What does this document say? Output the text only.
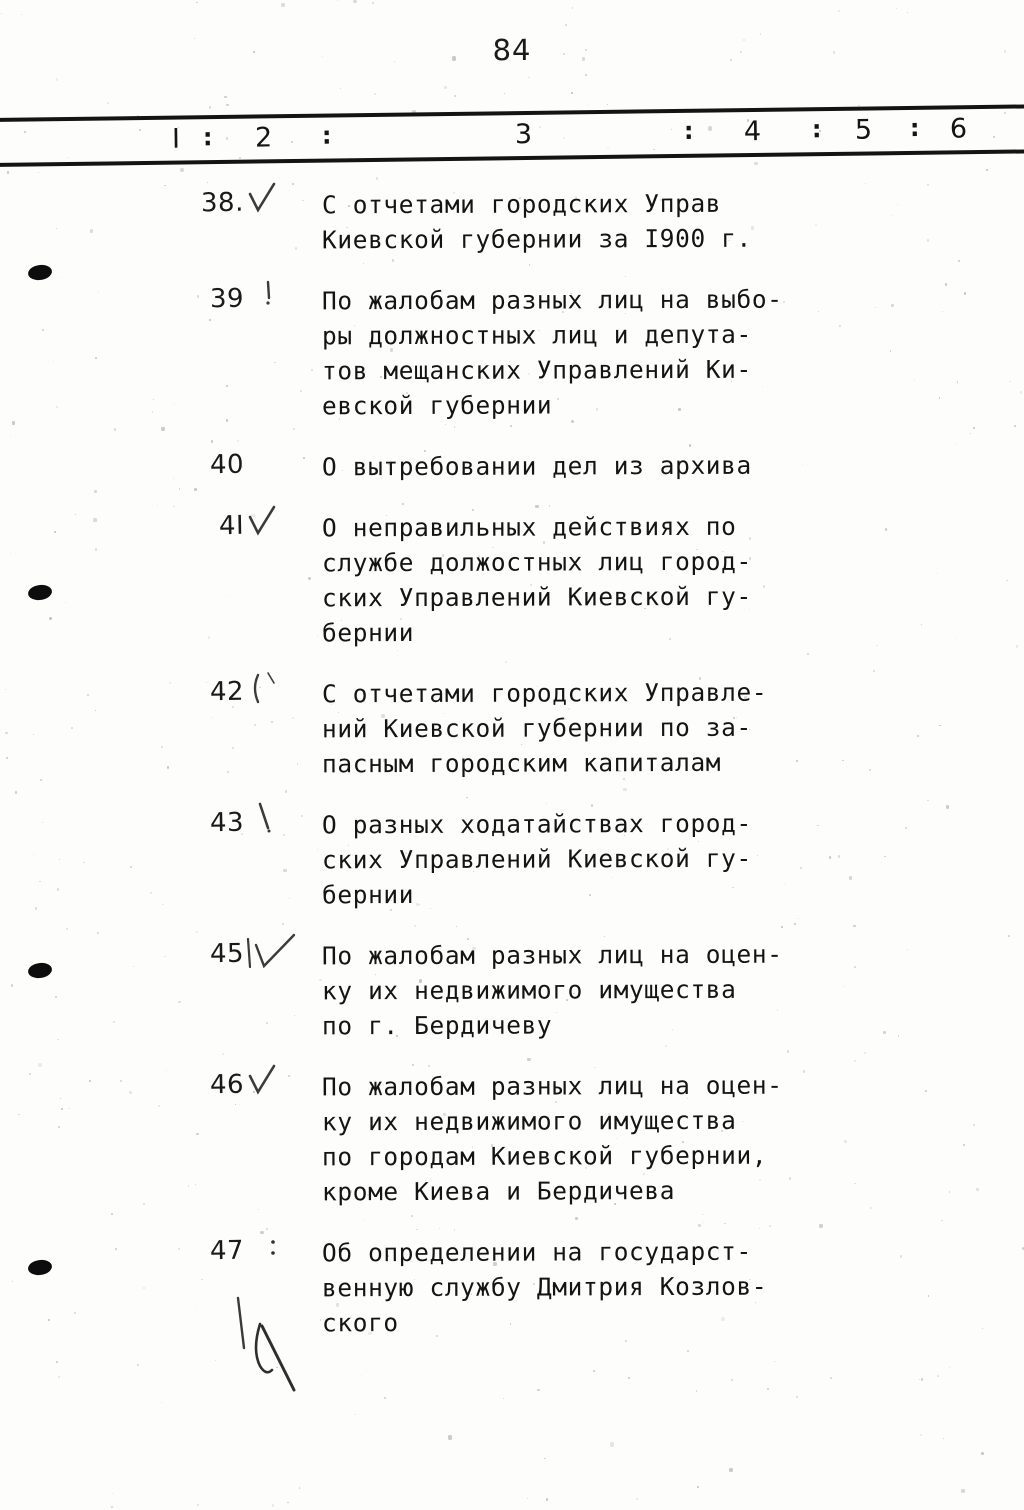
84
I : 2 :	3	: 4 : 5 : 6
38.	С отчетами городских Управ
Киевской губернии за I900 г.
39	По жалобам разных лиц на выбо-
ры должностных лиц и депута-
тов мещанских Управлений Ки-
евской губернии
40	О вытребовании дел из архива
4I	О неправильных действиях по
службе должостных лиц город-
ских Управлений Киевской гу-
бернии
42	С отчетами городских Управле-
ний Киевской губернии по за-
пасным городским капиталам
43	О разных ходатайствах город-
ских Управлений Киевской гу-
бернии
45	По жалобам разных лиц на оцен-
ку их недвижимого имущества
по г. Бердичеву
46	По жалобам разных лиц на оцен-
ку их недвижимого имущества
по городам Киевской губернии,
кроме Киева и Бердичева
47	Об определении на государст-
венную службу Дмитрия Козлов-
ского
